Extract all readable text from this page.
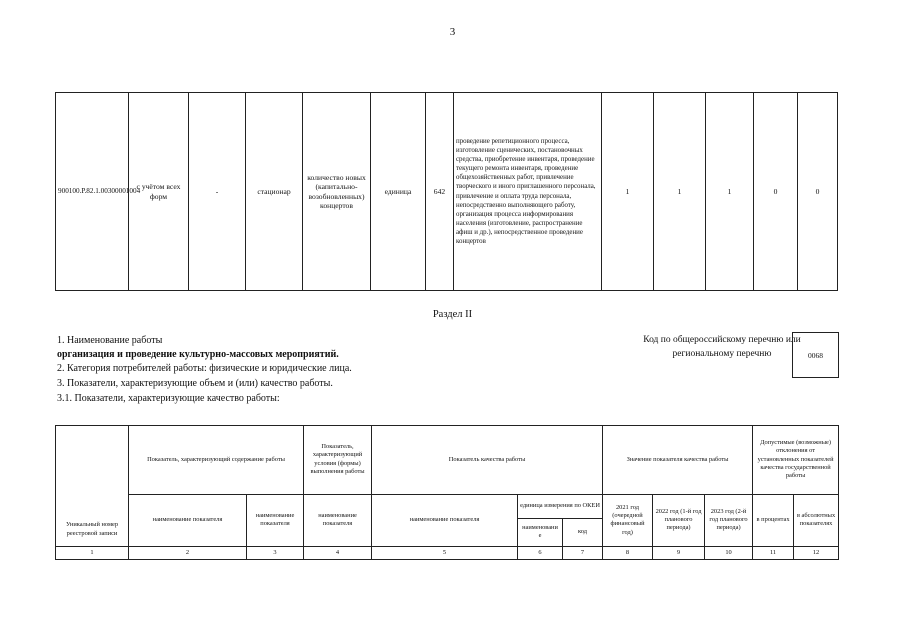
3
900100.Р.82.1.00300001004	с учётом всех форм	-	стационар	количество новых (капитально-возобновленных) концертов	единица	642	проведение репетиционного процесса, изготовление сценических, постановочных средства, приобретение инвентаря, проведение текущего ремонта инвентаря, проведение общехозяйственных работ, привлечение творческого и иного приглашенного персонала, привлечение и оплата труда персонала, непосредственно выполняющего работу, организация процесса информирования населения (изготовление, распространение афиш и др.), непосредственное проведение концертов	1	1	1	0	0
Раздел II
1. Наименование работы
организация и проведение культурно-массовых мероприятий.
2. Категория потребителей работы: физические и юридические лица.
3. Показатели, характеризующие объем и (или) качество работы.
3.1. Показатели, характеризующие качество работы:
Код по общероссийскому перечню или региональному перечню	0068
Уникальный номер реестровой записи	Показатель, характеризующий содержание работы		Показатель, характеризующий условия (формы) выполнения работы	Показатель качества работы			Значение показателя качества работы			Допустимые (возможные) отклонения от установленных показателей качества государственной работы	
	наименование показателя	наименование показателя	наименование показателя	наименование показателя	единица измерения по ОКЕИ		2021 год (очередной финансовый год)	2022 год (1-й год планового периода)	2023 год (2-й год планового периода)	в процентах	в абсолютных показателях
					наименовани е	код					
1	2	3	4	5	6	7	8	9	10	11	12
